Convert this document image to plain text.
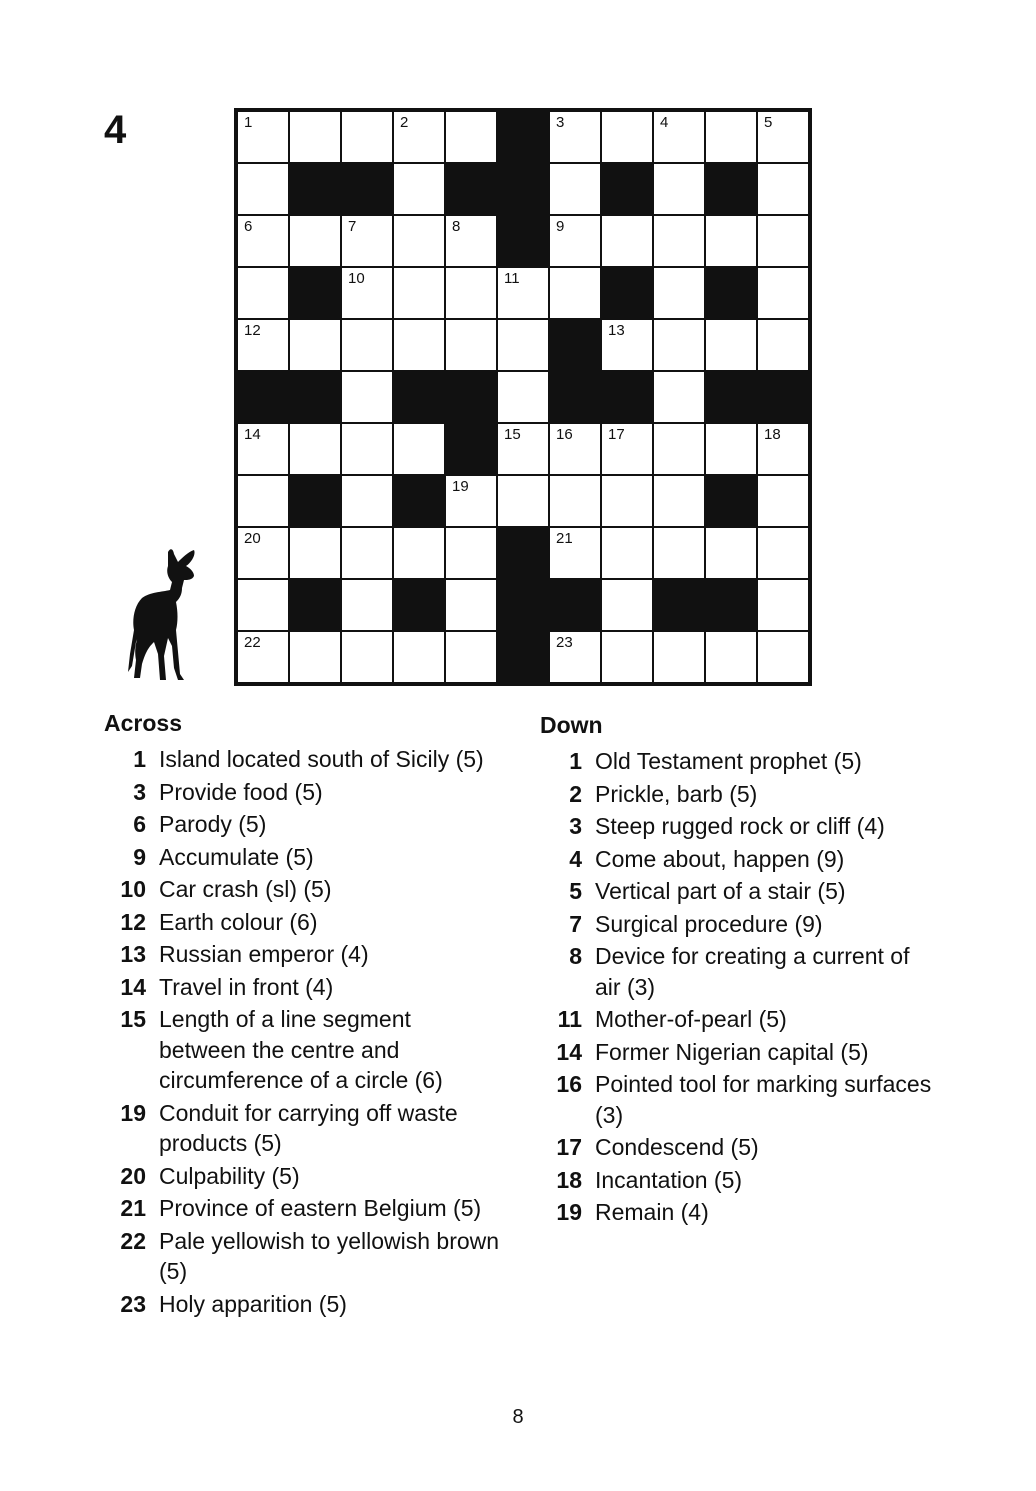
4	1	2	3	4	5
6	7	8	9
10	11
12	13
14	15 16 17	18
19
20	21
22	23
Across
1 Island located south of Sicily (5)
3 Provide food (5)
6 Parody (5)
9 Accumulate (5)
10 Car crash (sl) (5)
12 Earth colour (6)
13 Russian emperor (4)
14 Travel in front (4)
15 Length of a line segment between the centre and circumference of a circle (6)
19 Conduit for carrying off waste products (5)
20 Culpability (5)
21 Province of eastern Belgium (5)
22 Pale yellowish to yellowish brown (5)
23 Holy apparition (5)
Down
1 Old Testament prophet (5)
2 Prickle, barb (5)
3 Steep rugged rock or cliff (4)
4 Come about, happen (9)
5 Vertical part of a stair (5)
7 Surgical procedure (9)
8 Device for creating a current of air (3)
11 Mother-of-pearl (5)
14 Former Nigerian capital (5)
16 Pointed tool for marking surfaces (3)
17 Condescend (5)
18 Incantation (5)
19 Remain (4)
8
